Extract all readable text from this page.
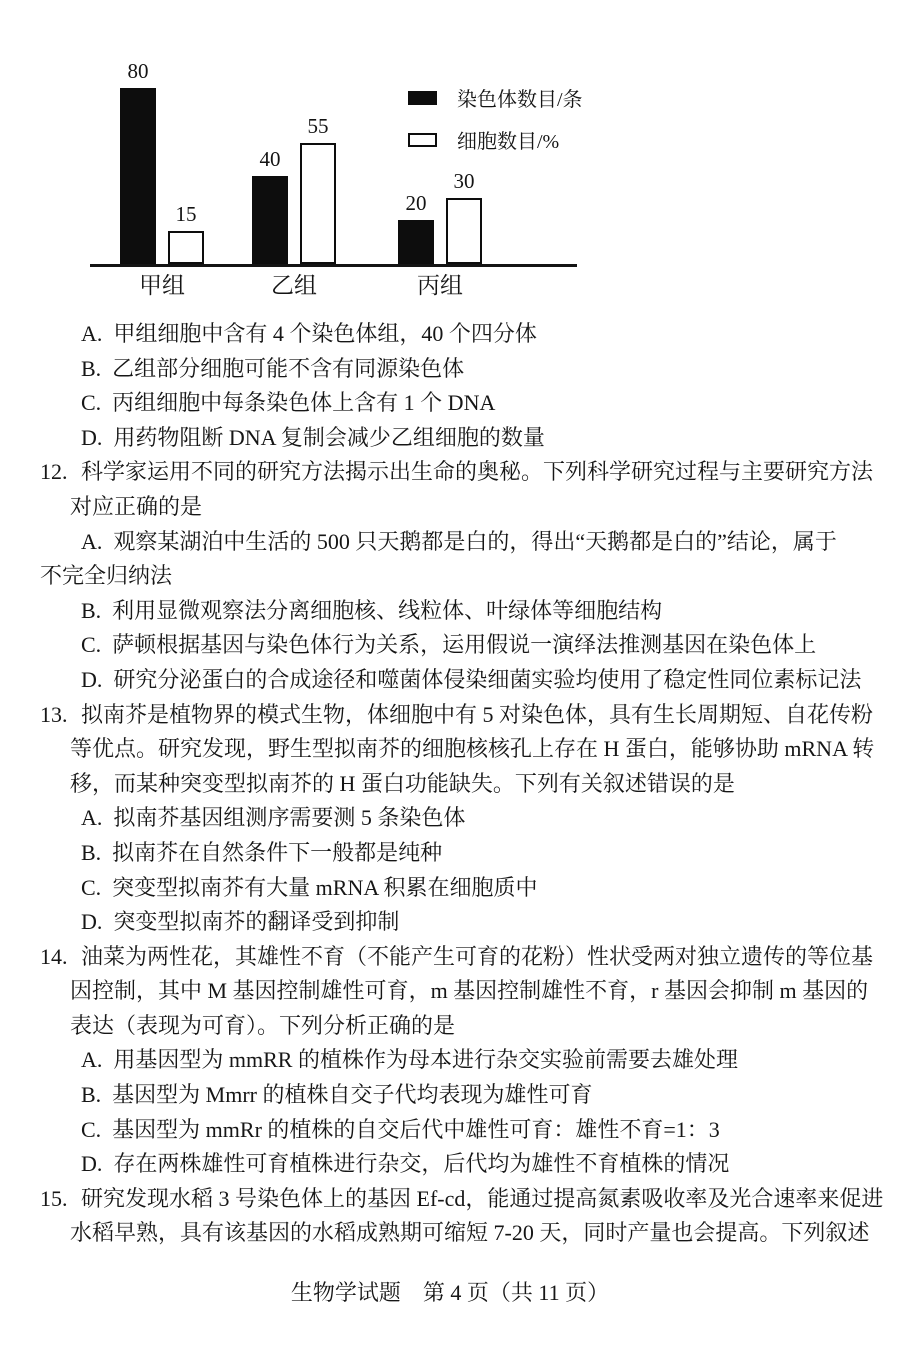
80
15
甲组
40
55
乙组
20
30
丙组
染色体数目/条
细胞数目/%
A.  甲组细胞中含有 4 个染色体组，40 个四分体
B.  乙组部分细胞可能不含有同源染色体
C.  丙组细胞中每条染色体上含有 1 个 DNA
D.  用药物阻断 DNA 复制会减少乙组细胞的数量
12. 科学家运用不同的研究方法揭示出生命的奥秘。下列科学研究过程与主要研究方法
对应正确的是
A.  观察某湖泊中生活的 500 只天鹅都是白的，得出“天鹅都是白的”结论，属于
不完全归纳法
B.  利用显微观察法分离细胞核、线粒体、叶绿体等细胞结构
C.  萨顿根据基因与染色体行为关系，运用假说一演绎法推测基因在染色体上
D.  研究分泌蛋白的合成途径和噬菌体侵染细菌实验均使用了稳定性同位素标记法
13. 拟南芥是植物界的模式生物，体细胞中有 5 对染色体，具有生长周期短、自花传粉
等优点。研究发现，野生型拟南芥的细胞核核孔上存在 H 蛋白，能够协助 mRNA 转
移，而某种突变型拟南芥的 H 蛋白功能缺失。下列有关叙述错误的是
A.  拟南芥基因组测序需要测 5 条染色体
B.  拟南芥在自然条件下一般都是纯种
C.  突变型拟南芥有大量 mRNA 积累在细胞质中
D.  突变型拟南芥的翻译受到抑制
14. 油菜为两性花，其雄性不育（不能产生可育的花粉）性状受两对独立遗传的等位基
因控制，其中 M 基因控制雄性可育，m 基因控制雄性不育，r 基因会抑制 m 基因的
表达（表现为可育）。下列分析正确的是
A.  用基因型为 mmRR 的植株作为母本进行杂交实验前需要去雄处理
B.  基因型为 Mmrr 的植株自交子代均表现为雄性可育
C.  基因型为 mmRr 的植株的自交后代中雄性可育：雄性不育=1：3
D.  存在两株雄性可育植株进行杂交，后代均为雄性不育植株的情况
15. 研究发现水稻 3 号染色体上的基因 Ef-cd，能通过提高氮素吸收率及光合速率来促进
水稻早熟，具有该基因的水稻成熟期可缩短 7-20 天，同时产量也会提高。下列叙述
生物学试题　第 4 页（共 11 页）
